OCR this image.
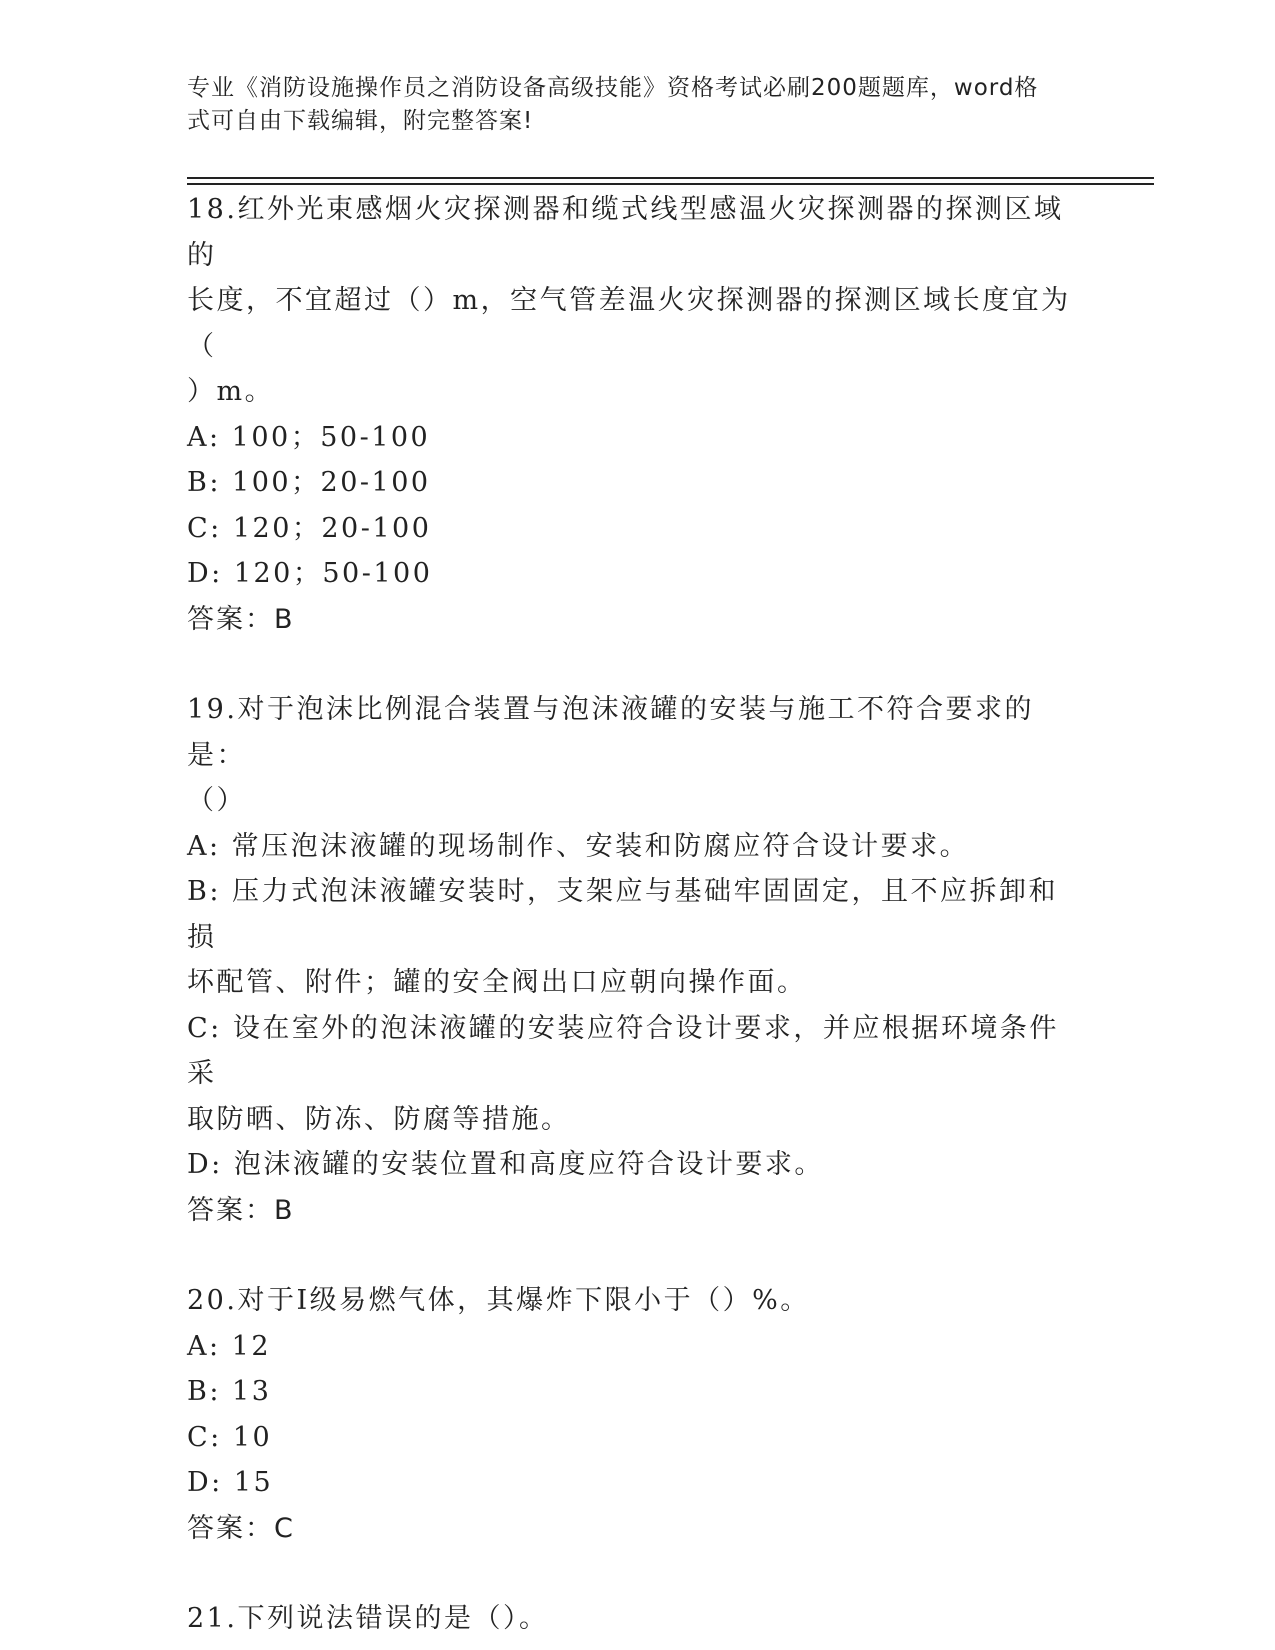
专业《消防设施操作员之消防设备高级技能》资格考试必刷200题题库，word格
式可自由下载编辑，附完整答案!
18.红外光束感烟火灾探测器和缆式线型感温火灾探测器的探测区域的
长度，不宜超过（）m，空气管差温火灾探测器的探测区域长度宜为（
）m。
A: 100；50-100
B: 100；20-100
C: 120；20-100
D: 120；50-100
答案：B
19.对于泡沫比例混合装置与泡沫液罐的安装与施工不符合要求的是：
（）
A: 常压泡沫液罐的现场制作、安装和防腐应符合设计要求。
B: 压力式泡沫液罐安装时，支架应与基础牢固固定，且不应拆卸和损
坏配管、附件；罐的安全阀出口应朝向操作面。
C: 设在室外的泡沫液罐的安装应符合设计要求，并应根据环境条件采
取防晒、防冻、防腐等措施。
D: 泡沫液罐的安装位置和高度应符合设计要求。
答案：B
20.对于Ⅰ级易燃气体，其爆炸下限小于（）%。
A: 12
B: 13
C: 10
D: 15
答案：C
21.下列说法错误的是（）。
